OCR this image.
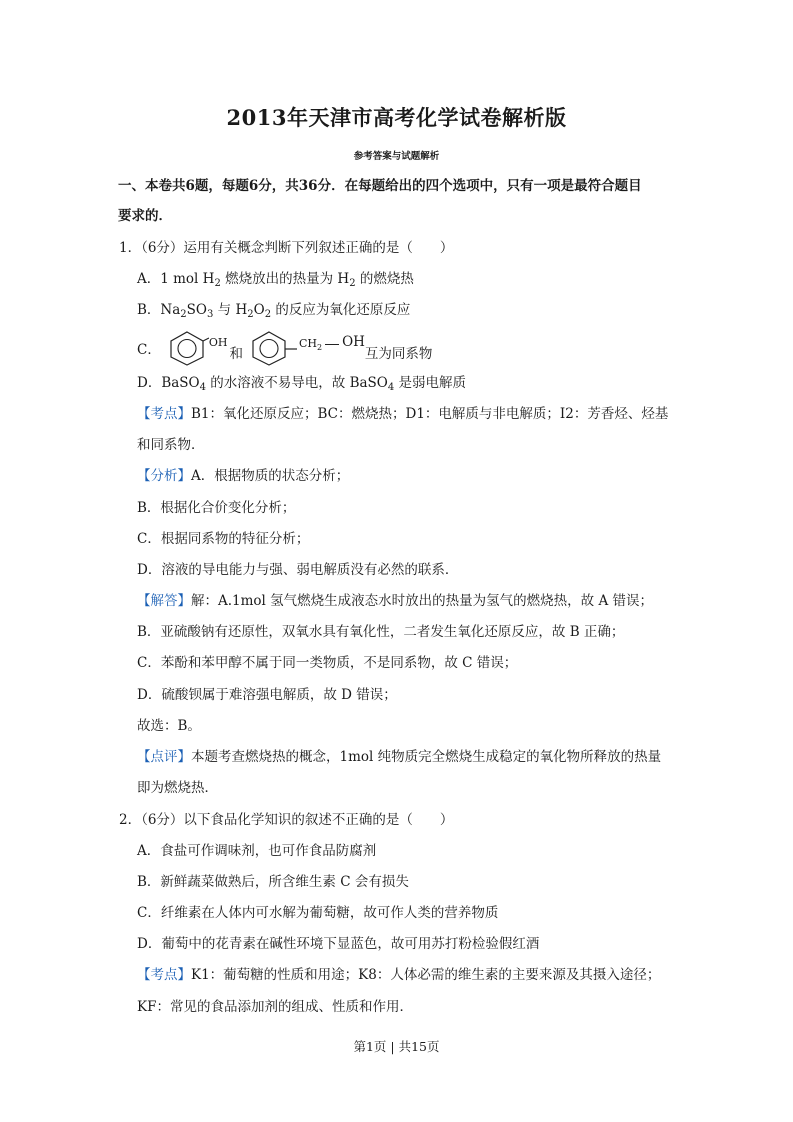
2013年天津市高考化学试卷解析版
参考答案与试题解析
一、本卷共6题，每题6分，共36分．在每题给出的四个选项中，只有一项是最符合题目
要求的．
1．（6分）运用有关概念判断下列叙述正确的是（　　）
A．1 mol $H_2$ 燃烧放出的热量为 $H_2$ 的燃烧热
B．$Na_2SO_3$ 与 $H_2O_2$ 的反应为氧化还原反应
C．	OH
和
$CH_2$ OH
互为同系物
D．BaSO$_4$ 的水溶液不易导电，故 BaSO$_4$ 是弱电解质
【考点】B1：氧化还原反应；BC：燃烧热；D1：电解质与非电解质；I2：芳香烃、烃基
和同系物．
【分析】A．根据物质的状态分析；
B．根据化合价变化分析；
C．根据同系物的特征分析；
D．溶液的导电能力与强、弱电解质没有必然的联系．
【解答】解：A.1mol 氢气燃烧生成液态水时放出的热量为氢气的燃烧热，故 A 错误；
B．亚硫酸钠有还原性，双氧水具有氧化性，二者发生氧化还原反应，故 B 正确；
C．苯酚和苯甲醇不属于同一类物质，不是同系物，故 C 错误；
D．硫酸钡属于难溶强电解质，故 D 错误；
故选：B。
【点评】本题考查燃烧热的概念，1mol 纯物质完全燃烧生成稳定的氧化物所释放的热量
即为燃烧热．
2．（6分）以下食品化学知识的叙述不正确的是（　　）
A．食盐可作调味剂，也可作食品防腐剂
B．新鲜蔬菜做熟后，所含维生素 C 会有损失
C．纤维素在人体内可水解为葡萄糖，故可作人类的营养物质
D．葡萄中的花青素在碱性环境下显蓝色，故可用苏打粉检验假红酒
【考点】K1：葡萄糖的性质和用途；K8：人体必需的维生素的主要来源及其摄入途径；
KF：常见的食品添加剂的组成、性质和作用．
第1页 | 共15页
